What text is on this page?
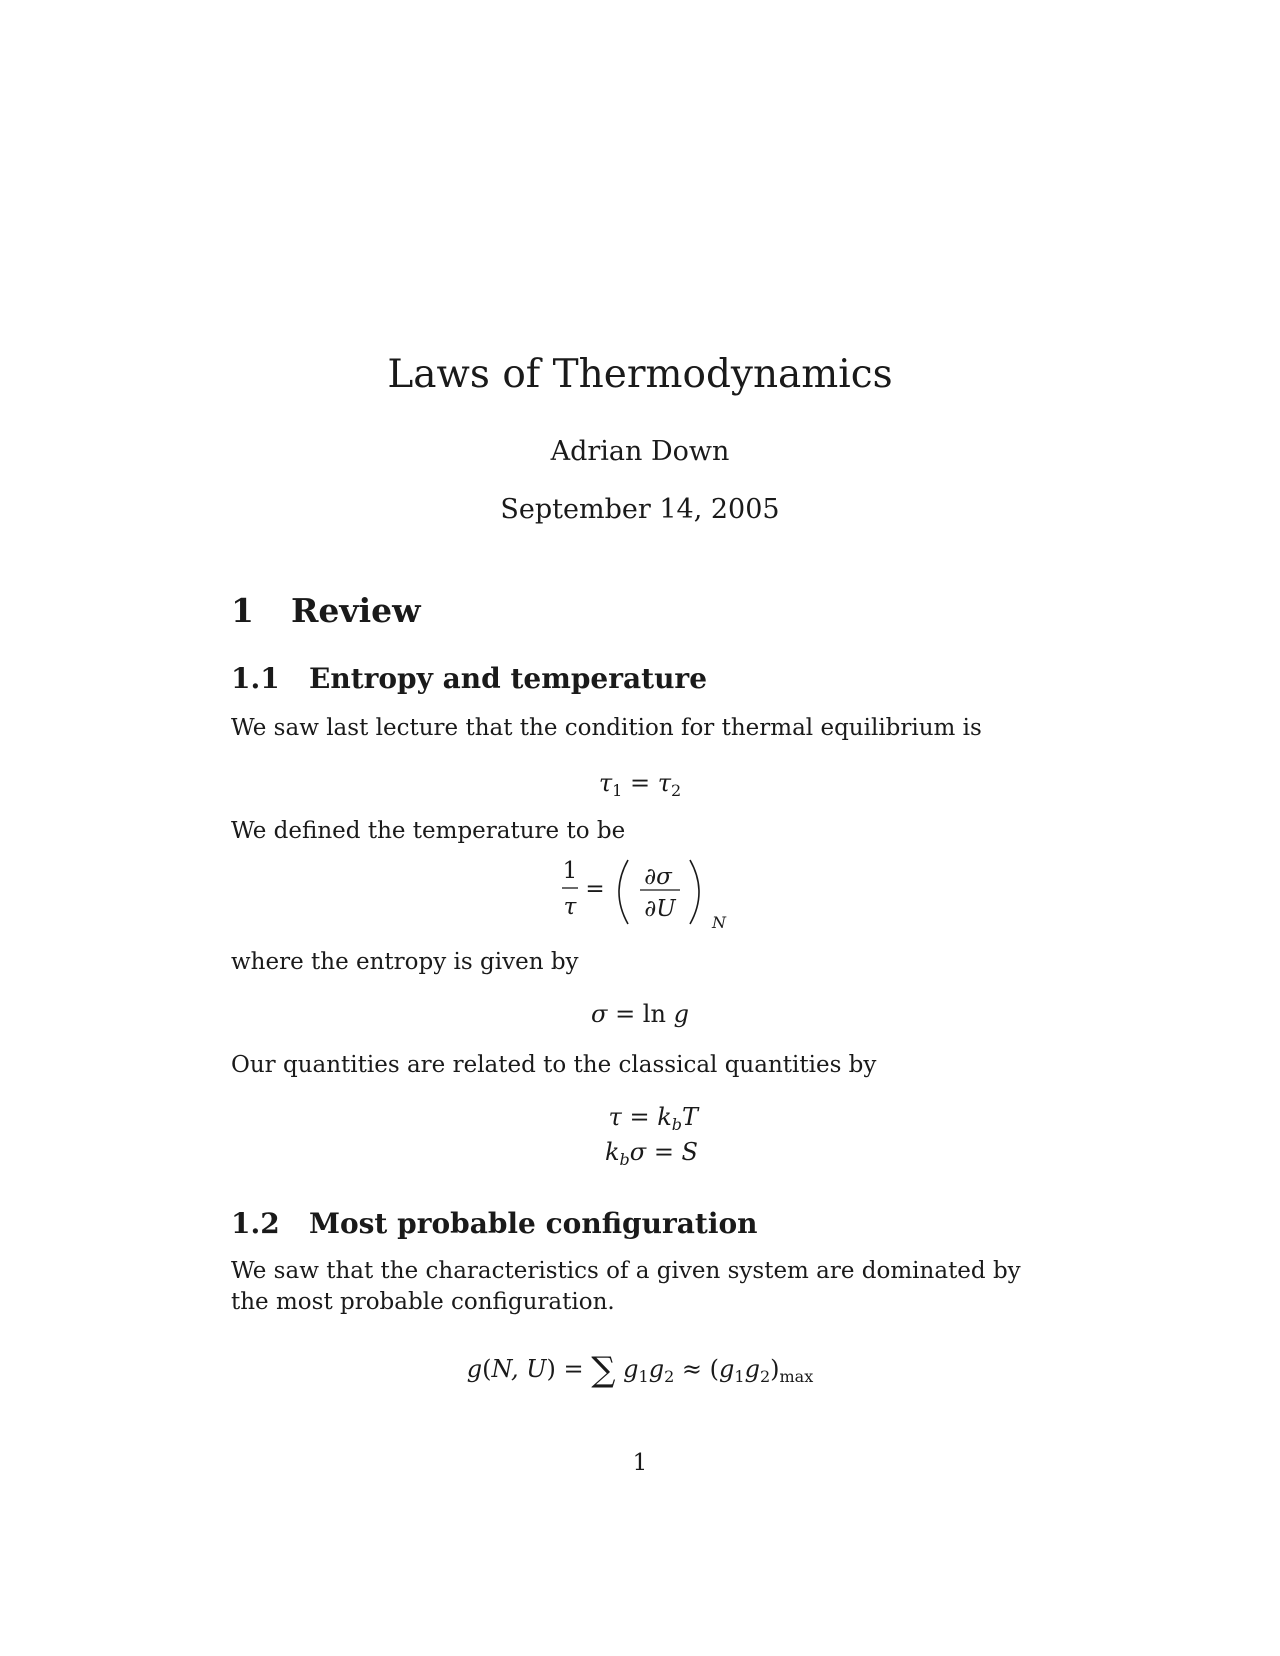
Laws of Thermodynamics
Adrian Down
September 14, 2005
1 Review
1.1 Entropy and temperature

We saw last lecture that the condition for thermal equilibrium is

$\tau_1 = \tau_2$

We defined the temperature to be

1
τ
= ∂σ
∂U
N

where the entropy is given by

σ = ln g

Our quantities are related to the classical quantities by

$\tau = k_bT$
$k_b\sigma = S$
1.2 Most probable configuration

We saw that the characteristics of a given system are dominated by the most probable configuration.

g(N, U) = ∑ $g_1g_2 \approx (g_1g_2)_{max}$
1
